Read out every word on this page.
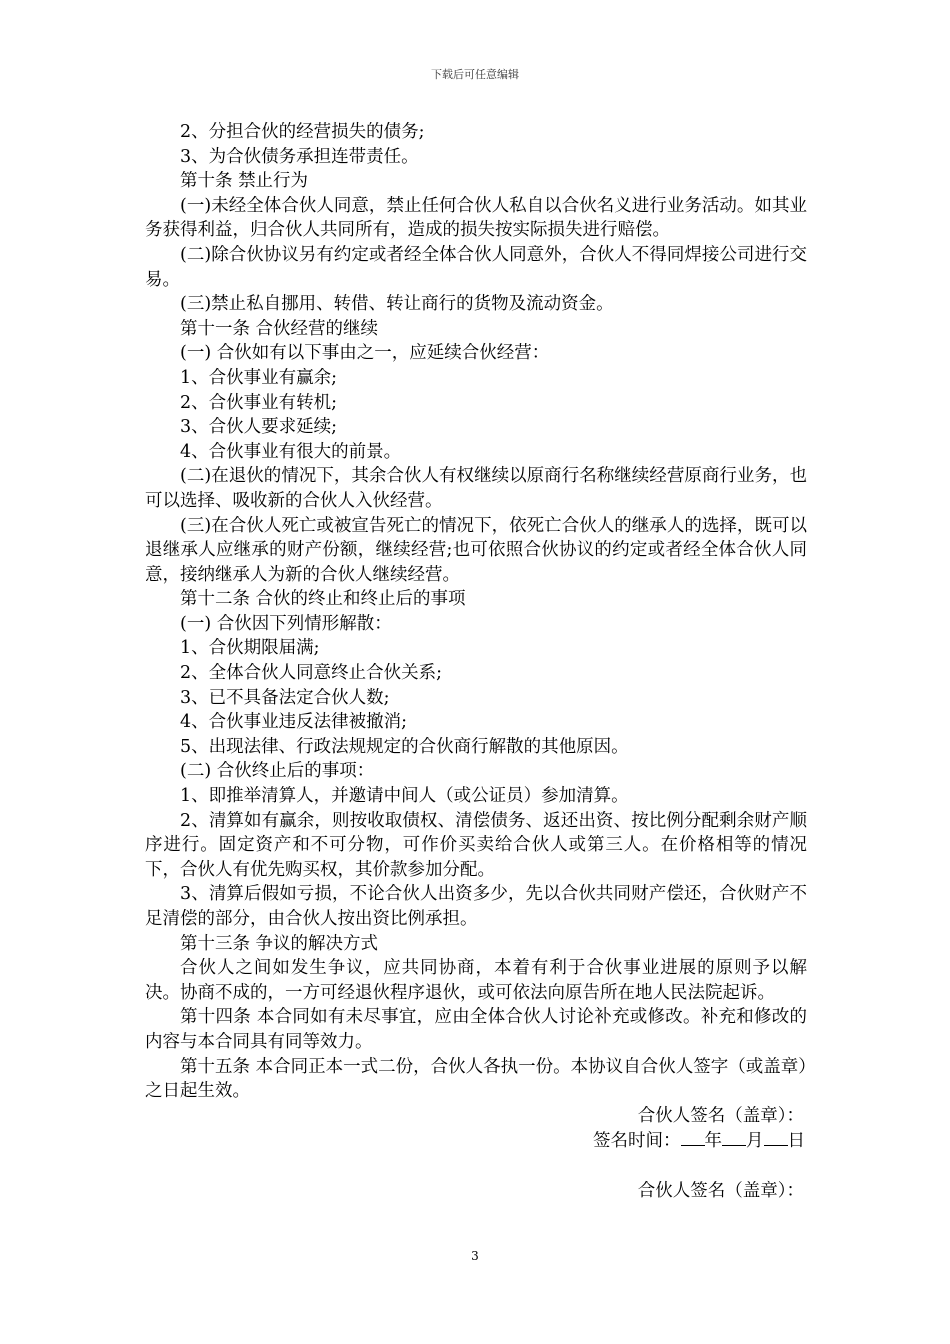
下载后可任意编辑

2、分担合伙的经营损失的债务;

3、为合伙债务承担连带责任。

第十条 禁止行为

(一)未经全体合伙人同意，禁止任何合伙人私自以合伙名义进行业务活动。如其业务获得利益，归合伙人共同所有，造成的损失按实际损失进行赔偿。

(二)除合伙协议另有约定或者经全体合伙人同意外，合伙人不得同焊接公司进行交易。

(三)禁止私自挪用、转借、转让商行的货物及流动资金。

第十一条 合伙经营的继续

(一) 合伙如有以下事由之一，应延续合伙经营：

1、合伙事业有赢余;

2、合伙事业有转机;

3、合伙人要求延续;

4、合伙事业有很大的前景。

(二)在退伙的情况下，其余合伙人有权继续以原商行名称继续经营原商行业务，也可以选择、吸收新的合伙人入伙经营。

(三)在合伙人死亡或被宣告死亡的情况下，依死亡合伙人的继承人的选择，既可以退继承人应继承的财产份额，继续经营;也可依照合伙协议的约定或者经全体合伙人同意，接纳继承人为新的合伙人继续经营。

第十二条 合伙的终止和终止后的事项

(一) 合伙因下列情形解散：

1、合伙期限届满;

2、全体合伙人同意终止合伙关系;

3、已不具备法定合伙人数;

4、合伙事业违反法律被撤消;

5、出现法律、行政法规规定的合伙商行解散的其他原因。

(二) 合伙终止后的事项：

1、即推举清算人，并邀请中间人（或公证员）参加清算。

2、清算如有赢余，则按收取债权、清偿债务、返还出资、按比例分配剩余财产顺序进行。固定资产和不可分物，可作价买卖给合伙人或第三人。在价格相等的情况下，合伙人有优先购买权，其价款参加分配。

3、清算后假如亏损，不论合伙人出资多少，先以合伙共同财产偿还，合伙财产不足清偿的部分，由合伙人按出资比例承担。

第十三条 争议的解决方式

合伙人之间如发生争议，应共同协商，本着有利于合伙事业进展的原则予以解决。协商不成的，一方可经退伙程序退伙，或可依法向原告所在地人民法院起诉。

第十四条 本合同如有未尽事宜，应由全体合伙人讨论补充或修改。补充和修改的内容与本合同具有同等效力。

第十五条 本合同正本一式二份，合伙人各执一份。本协议自合伙人签字（或盖章）之日起生效。

合伙人签名（盖章）：

签名时间： 年 月 日

合伙人签名（盖章）：

3
